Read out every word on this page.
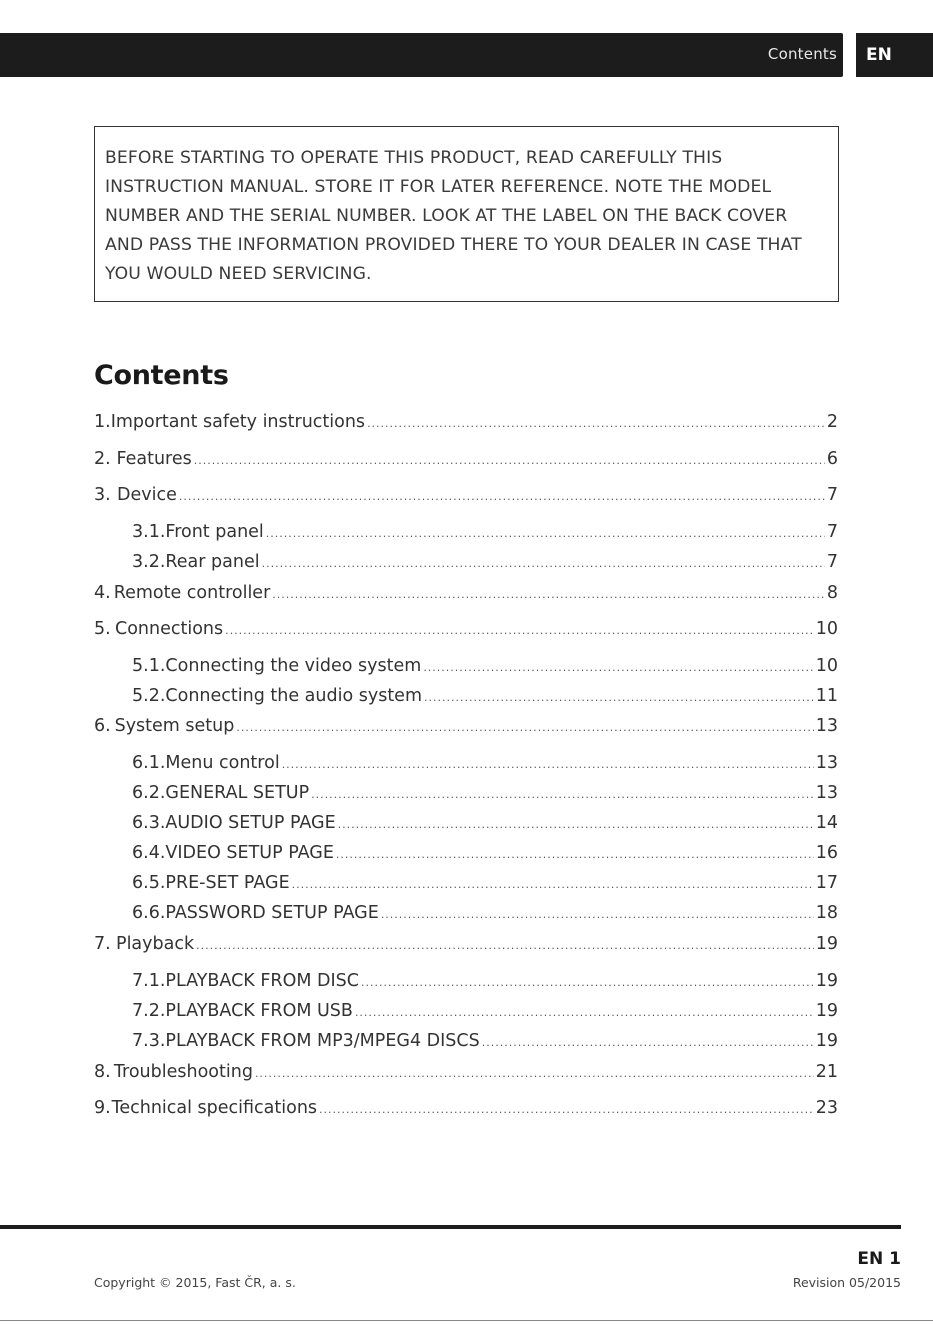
Contents	EN
BEFORE STARTING TO OPERATE THIS PRODUCT, READ CAREFULLY THIS
INSTRUCTION MANUAL. STORE IT FOR LATER REFERENCE. NOTE THE MODEL
NUMBER AND THE SERIAL NUMBER. LOOK AT THE LABEL ON THE BACK COVER
AND PASS THE INFORMATION PROVIDED THERE TO YOUR DEALER IN CASE THAT
YOU WOULD NEED SERVICING.
Contents
1. Important safety instructions .....	2
2. Features .....	6
3. Device .....	7
3.1. Front panel .....	7
3.2. Rear panel .....	7
4. Remote controller .....	8
5. Connections .....	10
5.1. Connecting the video system .....	10
5.2. Connecting the audio system .....	11
6. System setup .....	13
6.1. Menu control .....	13
6.2. GENERAL SETUP .....	13
6.3. AUDIO SETUP PAGE .....	14
6.4. VIDEO SETUP PAGE .....	16
6.5. PRE-SET PAGE .....	17
6.6. PASSWORD SETUP PAGE .....	18
7. Playback .....	19
7.1. PLAYBACK FROM DISC .....	19
7.2. PLAYBACK FROM USB .....	19
7.3. PLAYBACK FROM MP3/MPEG4 DISCS .....	19
8. Troubleshooting .....	21
9. Technical specifications .....	23
EN 1
Copyright © 2015, Fast ČR, a. s.	Revision 05/2015
